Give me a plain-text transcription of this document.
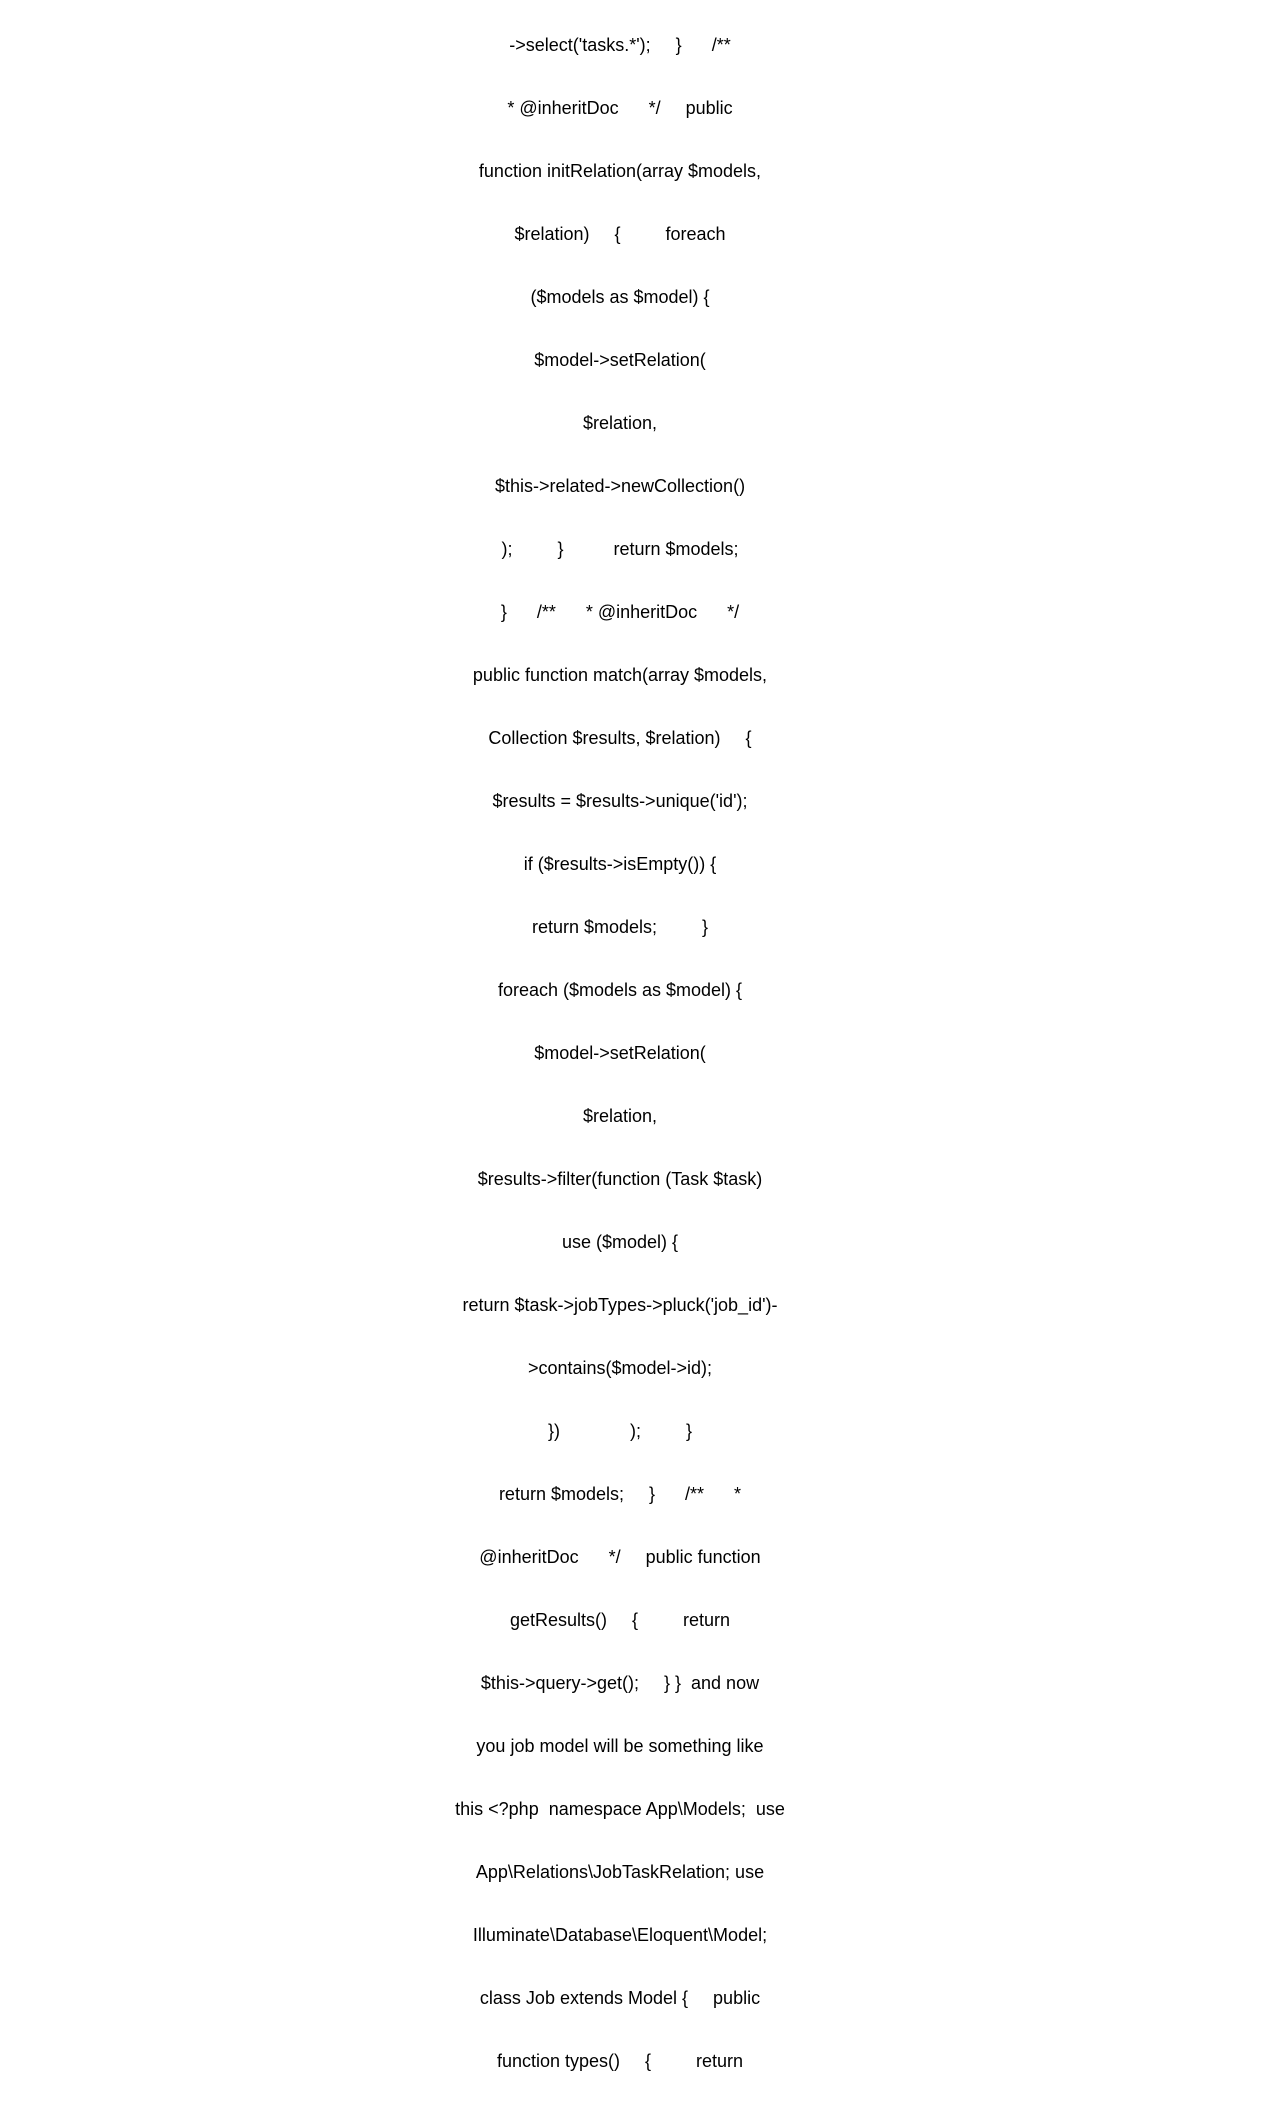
->select('tasks.*');     }      /**

* @inheritDoc      */     public

function initRelation(array $models,

$relation)     {         foreach

($models as $model) {

$model->setRelation(

$relation,

$this->related->newCollection()

);         }          return $models;

}      /**      * @inheritDoc      */

public function match(array $models,

Collection $results, $relation)     {

$results = $results->unique('id');

if ($results->isEmpty()) {

return $models;         }

foreach ($models as $model) {

$model->setRelation(

$relation,

$results->filter(function (Task $task)

use ($model) {

return $task->jobTypes->pluck('job_id')-

>contains($model->id);

})              );         }

return $models;     }      /**      *

@inheritDoc      */     public function

getResults()     {         return

$this->query->get();     } }  and now

you job model will be something like

this <?php  namespace App\Models;  use

App\Relations\JobTaskRelation; use

Illuminate\Database\Eloquent\Model;

class Job extends Model {     public

function types()     {         return
